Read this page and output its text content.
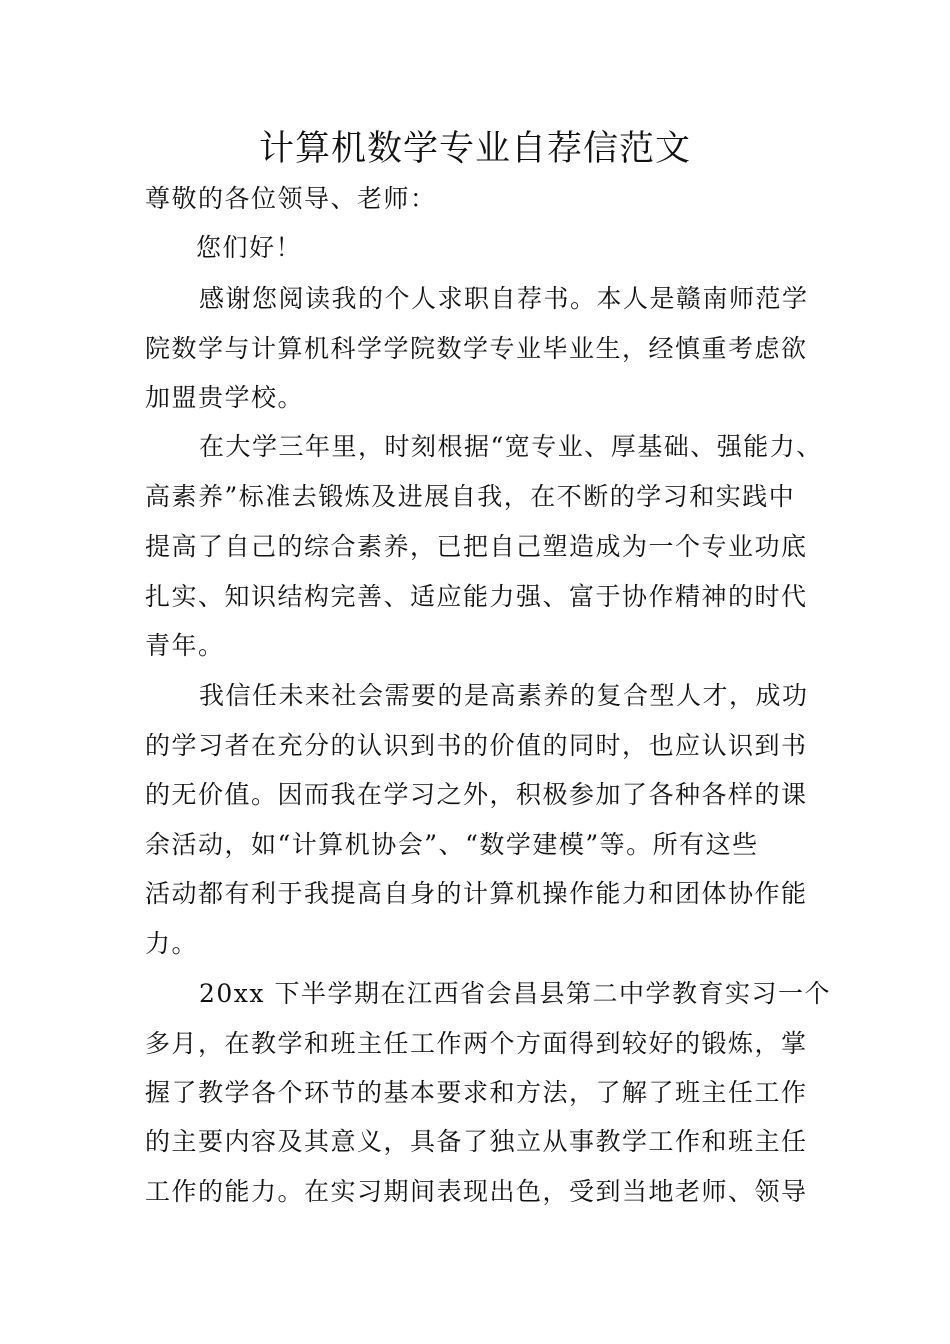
计算机数学专业自荐信范文

尊敬的各位领导、老师：

您们好！

感谢您阅读我的个人求职自荐书。本人是赣南师范学

院数学与计算机科学学院数学专业毕业生，经慎重考虑欲

加盟贵学校。

在大学三年里，时刻根据“宽专业、厚基础、强能力、

高素养”标准去锻炼及进展自我，在不断的学习和实践中

提高了自己的综合素养，已把自己塑造成为一个专业功底

扎实、知识结构完善、适应能力强、富于协作精神的时代

青年。

我信任未来社会需要的是高素养的复合型人才，成功

的学习者在充分的认识到书的价值的同时，也应认识到书

的无价值。因而我在学习之外，积极参加了各种各样的课

余活动，如“计算机协会”、“数学建模”等。所有这些

活动都有利于我提高自身的计算机操作能力和团体协作能

力。

20xx 下半学期在江西省会昌县第二中学教育实习一个

多月，在教学和班主任工作两个方面得到较好的锻炼，掌

握了教学各个环节的基本要求和方法，了解了班主任工作

的主要内容及其意义，具备了独立从事教学工作和班主任

工作的能力。在实习期间表现出色，受到当地老师、领导
